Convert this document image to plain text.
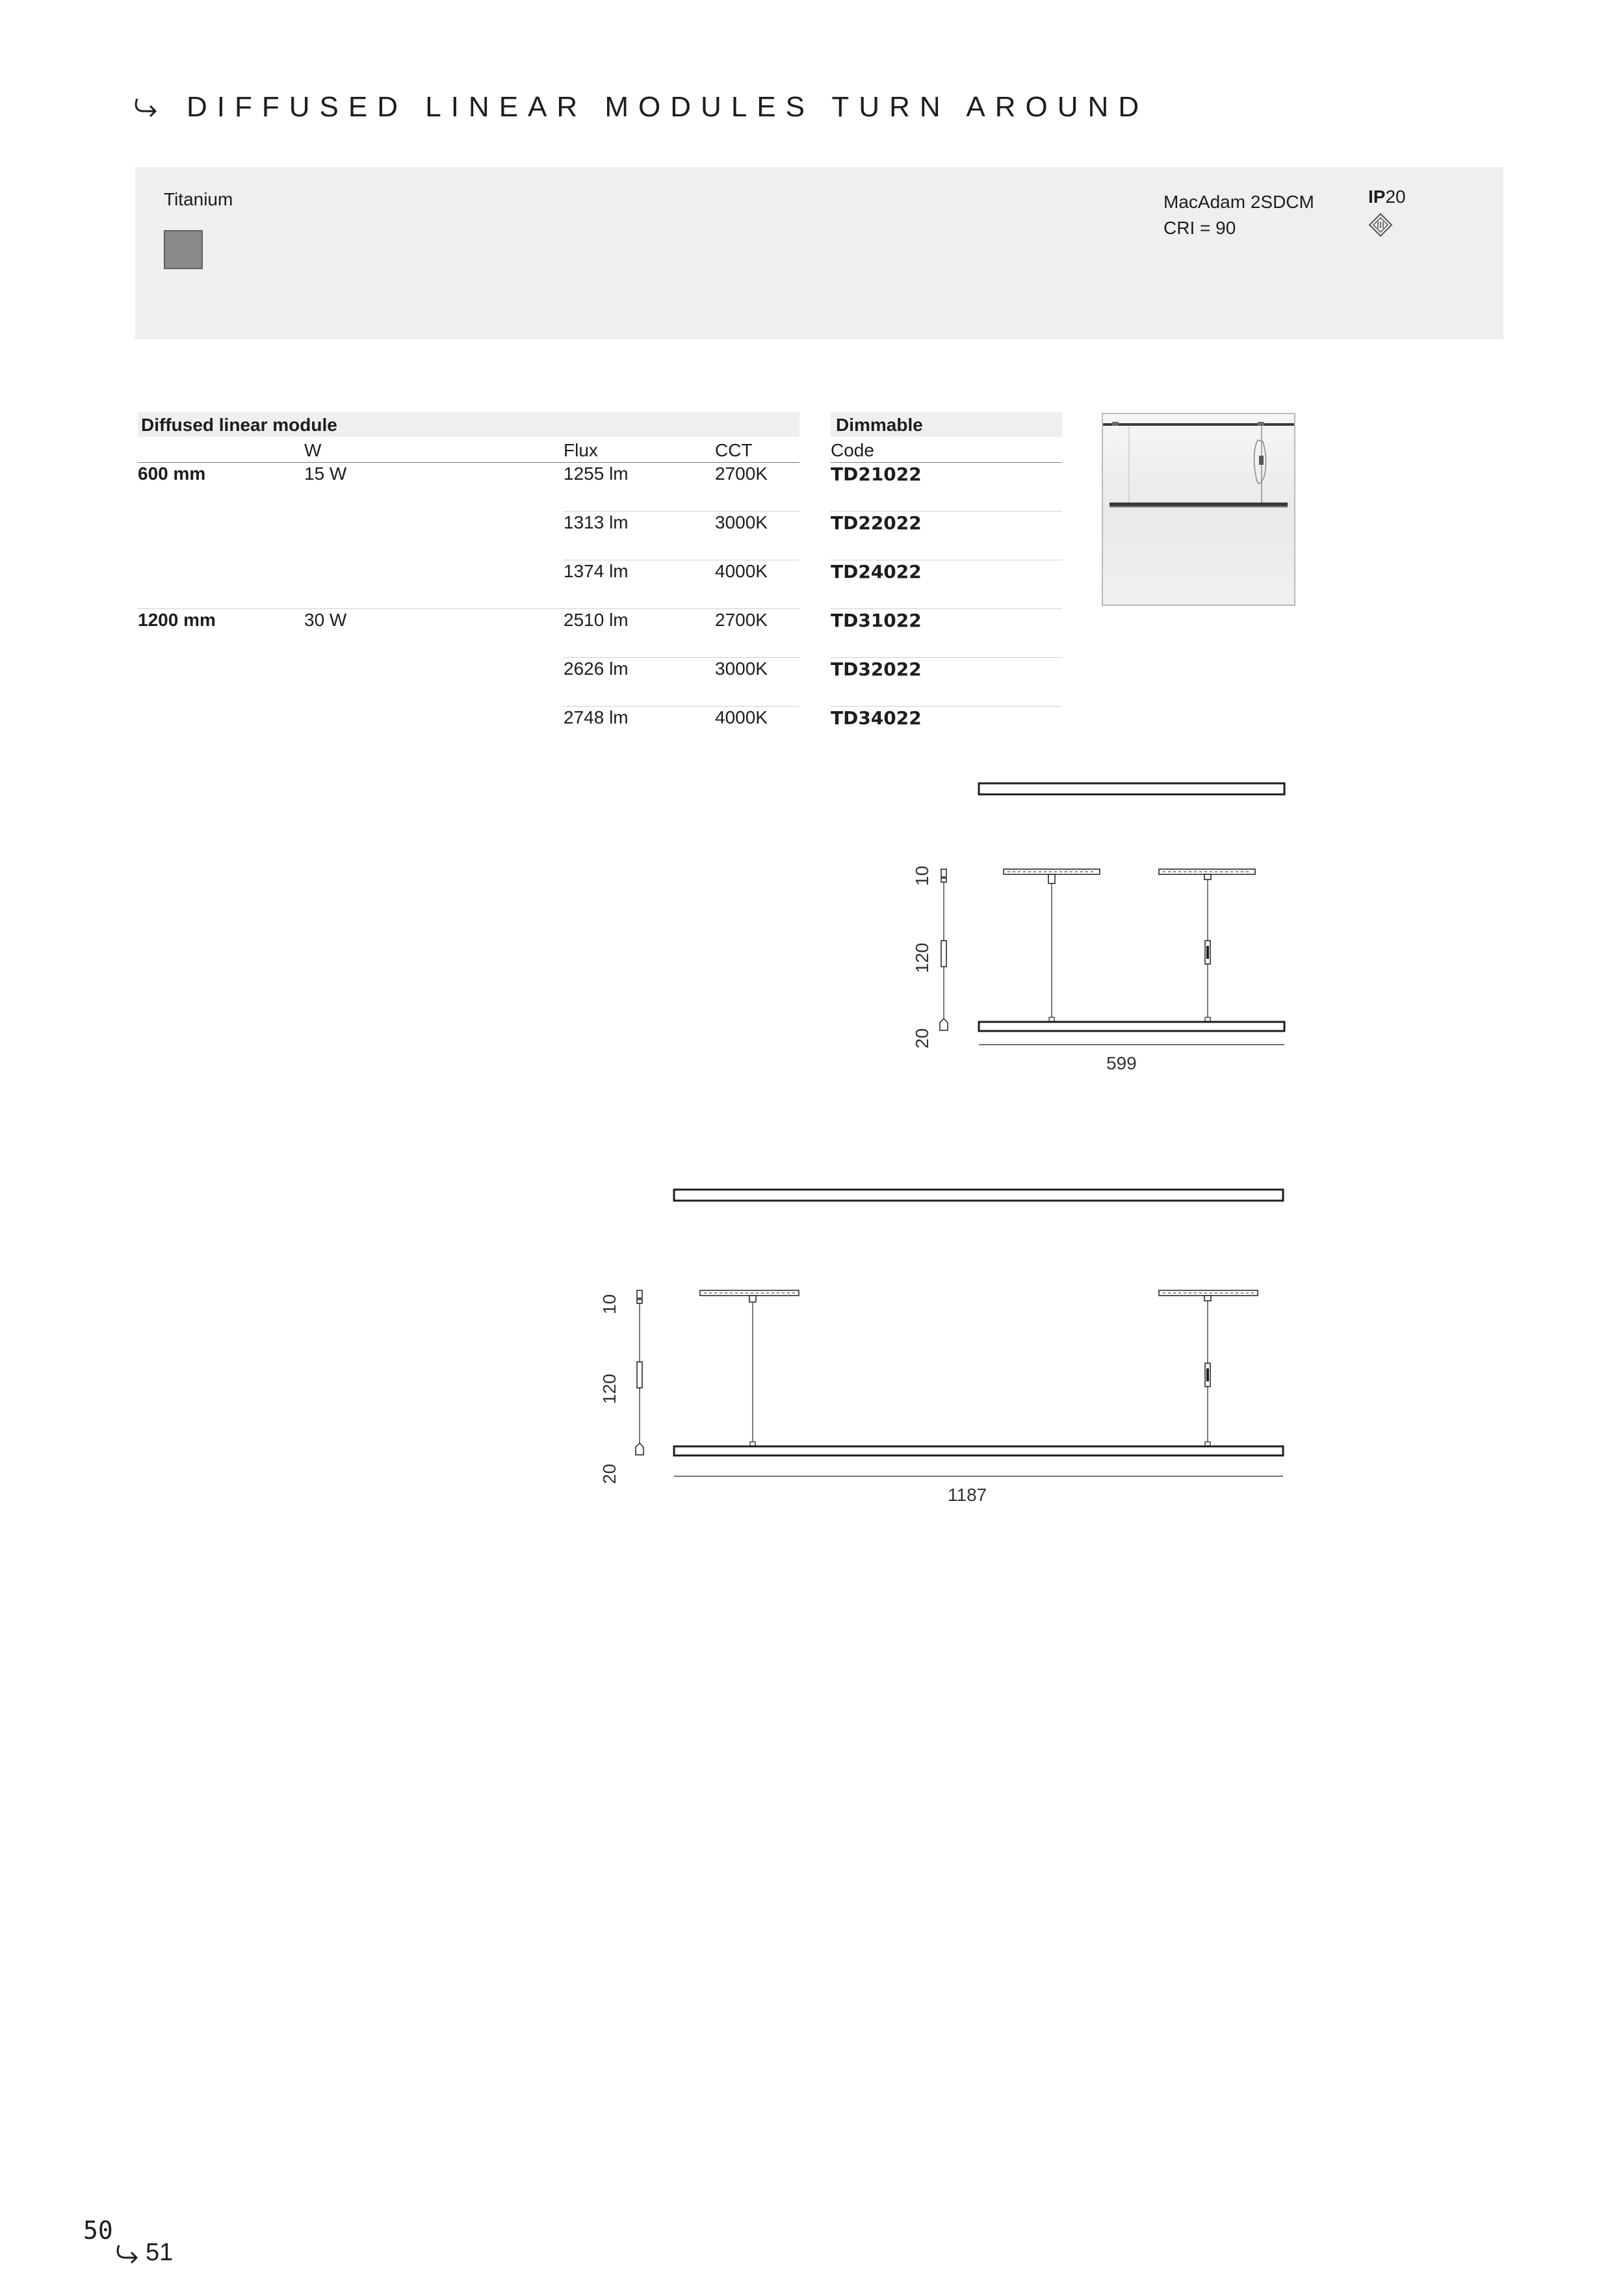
DIFFUSED LINEAR MODULES TURN AROUND
Titanium	MacAdam 2SDCM
CRI = 90
IP20
Diffused linear module	Dimmable
W	Flux	CCT	Code
600 mm	15 W	1255 lm	2700K	TD21022
1313 lm	3000K	TD22022
1374 lm	4000K	TD24022
1200 mm	30 W	2510 lm	2700K	TD31022
2626 lm	3000K	TD32022
2748 lm	4000K	TD34022
10
120
20
599
10
120
20
1187
50
51
